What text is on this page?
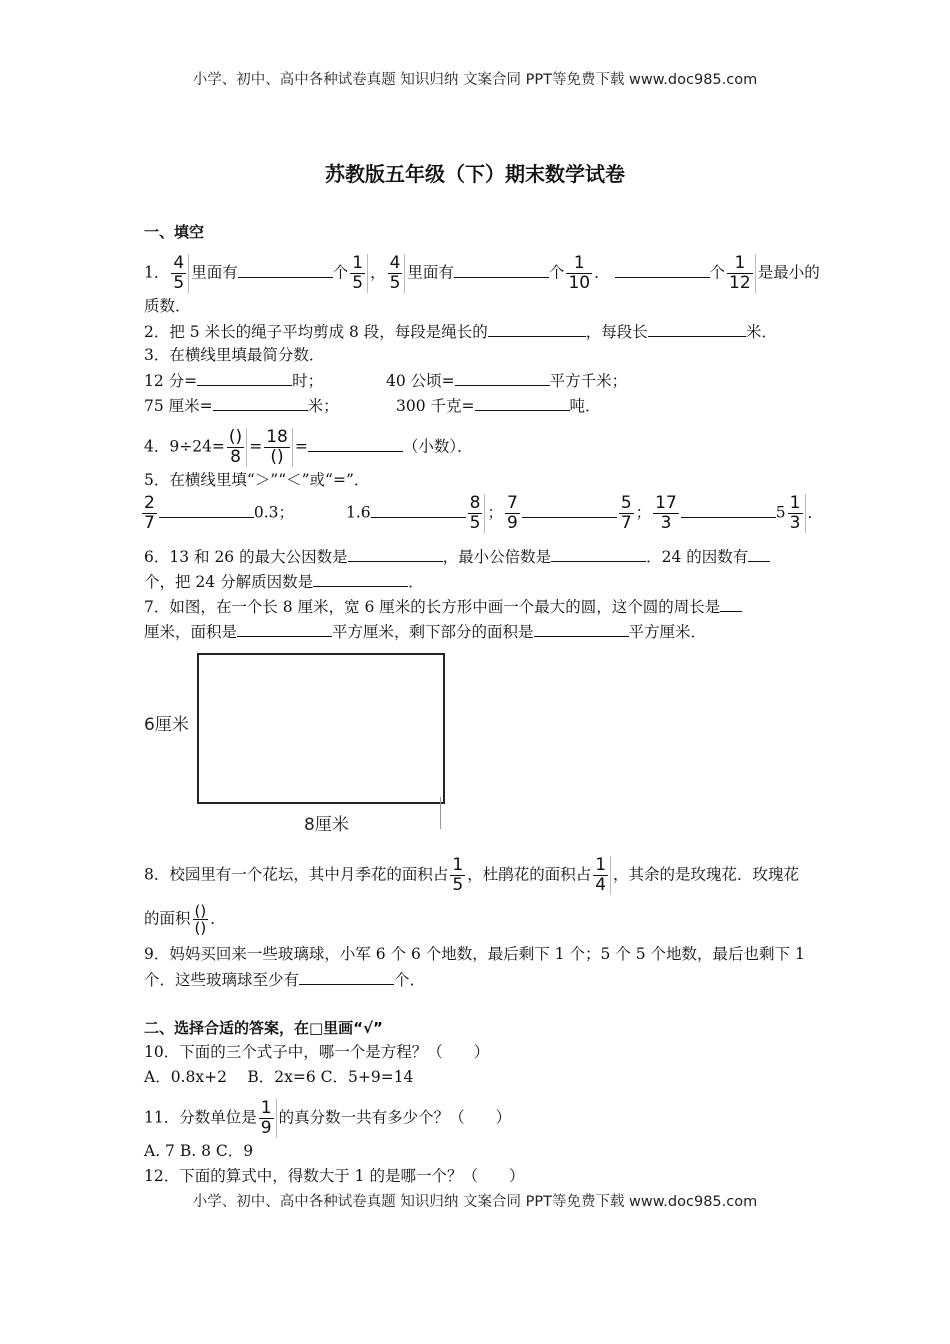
小学、初中、高中各种试卷真题 知识归纳 文案合同 PPT等免费下载 www.doc985.com
苏教版五年级（下）期末数学试卷
一、填空
1． $\frac{4}{5}$ 里面有	个 $\frac{1}{5}$ ， $\frac{4}{5}$ 里面有	个 $\frac{1}{10}$ ．	个 $\frac{1}{12}$ 是最小的
质数．
2．把 5 米长的绳子平均剪成 8 段，每段是绳长的	，每段长	米．
3．在横线里填最简分数．
12 分=	时；	40 公顷=	平方千米；
75 厘米=	米；	300 千克=	吨．
4．9÷24= ()
8
= 18
()
=	（小数）．
5．在横线里填“＞”“＜”或“=”．
$\frac{2}{7}$	0.3；	1.6	$\frac{8}{5}$ ； $\frac{7}{9}$	$\frac{5}{7}$ ； $\frac{17}{3}$	$5 \frac{1}{3}$ ．
6．13 和 26 的最大公因数是	，最小公倍数是	．24 的因数有
个，把 24 分解质因数是	．
7．如图，在一个长 8 厘米，宽 6 厘米的长方形中画一个最大的圆，这个圆的周长是
厘米，面积是	平方厘米，剩下部分的面积是	平方厘米．
6厘米
8厘米
8．校园里有一个花坛，其中月季花的面积占 $\frac{1}{5}$ ，杜鹃花的面积占 $\frac{1}{4}$ ，其余的是玫瑰花．玫瑰花
的面积 ()
()
．
9．妈妈买回来一些玻璃球，小军 6 个 6 个地数，最后剩下 1 个；5 个 5 个地数，最后也剩下 1
个．这些玻璃球至少有	个．
二、选择合适的答案，在□里画“√”
10．下面的三个式子中，哪一个是方程？（　　）
A．0.8x+2　 B．2x=6 C．5+9=14
11．分数单位是 $\frac{1}{9}$ 的真分数一共有多少个？（　　）
A. 7 B. 8 C．9
12．下面的算式中，得数大于 1 的是哪一个？（　　）
小学、初中、高中各种试卷真题 知识归纳 文案合同 PPT等免费下载 www.doc985.com
